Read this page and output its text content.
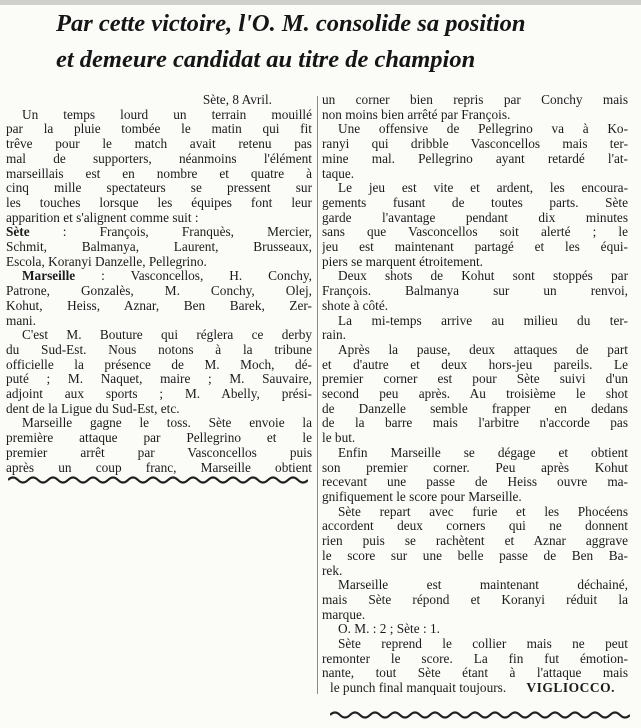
Par cette victoire, l'O. M. consolide sa position
et demeure candidat au titre de champion
Sète, 8 Avril.
Un temps lourd un terrain mouillé
par la pluie tombée le matin qui fit
trêve pour le match avait retenu pas
mal de supporters, néanmoins l'élément
marseillais est en nombre et quatre à
cinq mille spectateurs se pressent sur
les touches lorsque les équipes font leur
apparition et s'alignent comme suit :
Sète : François, Franquès, Mercier,
Schmit, Balmanya, Laurent, Brusseaux,
Escola, Koranyi Danzelle, Pellegrino.
Marseille : Vasconcellos, H. Conchy,
Patrone, Gonzalès, M. Conchy, Olej,
Kohut, Heiss, Aznar, Ben Barek, Zer-
mani.
C'est M. Bouture qui réglera ce derby
du Sud-Est. Nous notons à la tribune
officielle la présence de M. Moch, dé-
puté ; M. Naquet, maire ; M. Sauvaire,
adjoint aux sports ; M. Abelly, prési-
dent de la Ligue du Sud-Est, etc.
Marseille gagne le toss. Sète envoie la
première attaque par Pellegrino et le
premier arrêt par Vasconcellos puis
après un coup franc, Marseille obtient
un corner bien repris par Conchy mais
non moins bien arrêté par François.
Une offensive de Pellegrino va à Ko-
ranyi qui dribble Vasconcellos mais ter-
mine mal. Pellegrino ayant retardé l'at-
taque.
Le jeu est vite et ardent, les encoura-
gements fusant de toutes parts. Sète
garde l'avantage pendant dix minutes
sans que Vasconcellos soit alerté ; le
jeu est maintenant partagé et les équi-
piers se marquent étroitement.
Deux shots de Kohut sont stoppés par
François. Balmanya sur un renvoi,
shote à côté.
La mi-temps arrive au milieu du ter-
rain.
Après la pause, deux attaques de part
et d'autre et deux hors-jeu pareils. Le
premier corner est pour Sète suivi d'un
second peu après. Au troisième le shot
de Danzelle semble frapper en dedans
de la barre mais l'arbitre n'accorde pas
le but.
Enfin Marseille se dégage et obtient
son premier corner. Peu après Kohut
recevant une passe de Heiss ouvre ma-
gnifiquement le score pour Marseille.
Sète repart avec furie et les Phocéens
accordent deux corners qui ne donnent
rien puis se rachètent et Aznar aggrave
le score sur une belle passe de Ben Ba-
rek.
Marseille est maintenant déchainé,
mais Sète répond et Koranyi réduit la
marque.
O. M. : 2 ; Sète : 1.
Sète reprend le collier mais ne peut
remonter le score. La fin fut émotion-
nante, tout Sète étant à l'attaque mais
le punch final manquait toujours.	VIGLIOCCO.
